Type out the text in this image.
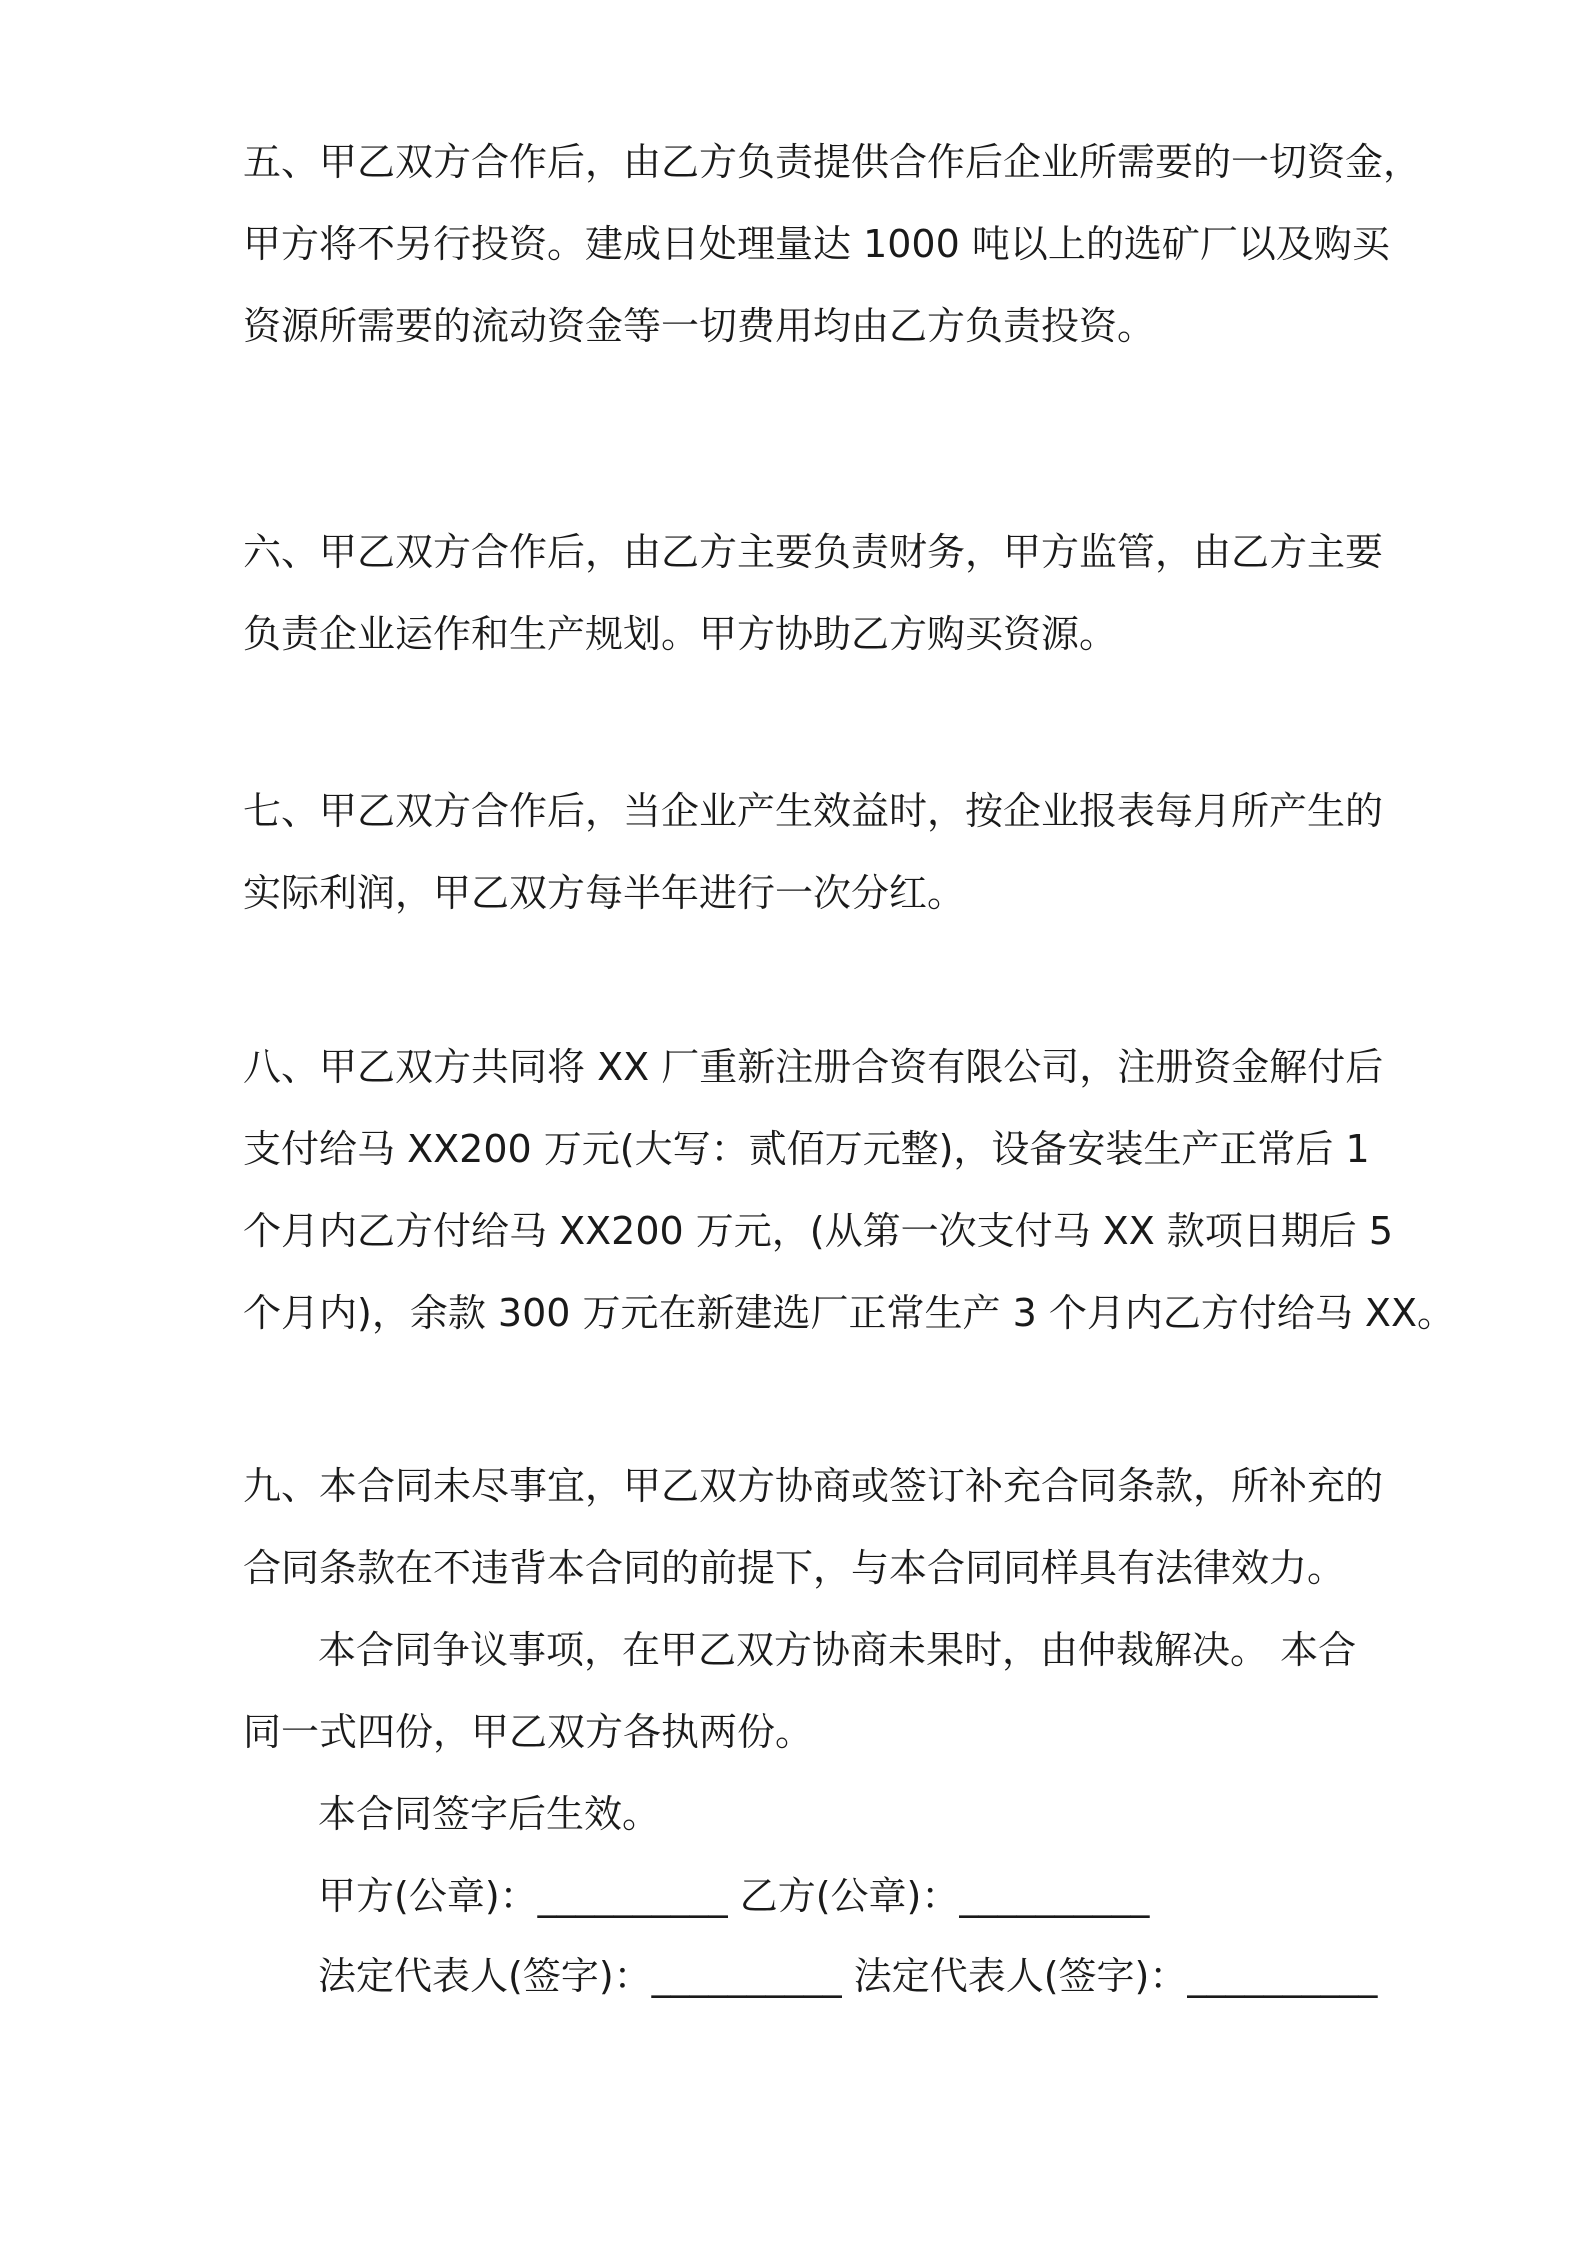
五、甲乙双方合作后，由乙方负责提供合作后企业所需要的一切资金，
甲方将不另行投资。建成日处理量达 1000 吨以上的选矿厂以及购买
资源所需要的流动资金等一切费用均由乙方负责投资。
六、甲乙双方合作后，由乙方主要负责财务，甲方监管，由乙方主要
负责企业运作和生产规划。甲方协助乙方购买资源。
七、甲乙双方合作后，当企业产生效益时，按企业报表每月所产生的
实际利润，甲乙双方每半年进行一次分红。
八、甲乙双方共同将 XX 厂重新注册合资有限公司，注册资金解付后
支付给马 XX200 万元(大写：贰佰万元整)，设备安装生产正常后 1
个月内乙方付给马 XX200 万元，(从第一次支付马 XX 款项日期后 5
个月内)，余款 300 万元在新建选厂正常生产 3 个月内乙方付给马 XX。
九、本合同未尽事宜，甲乙双方协商或签订补充合同条款，所补充的
合同条款在不违背本合同的前提下，与本合同同样具有法律效力。
本合同争议事项，在甲乙双方协商未果时，由仲裁解决。 本合
同一式四份，甲乙双方各执两份。
本合同签字后生效。
甲方(公章)：__________ 乙方(公章)：__________
法定代表人(签字)：__________ 法定代表人(签字)：__________
